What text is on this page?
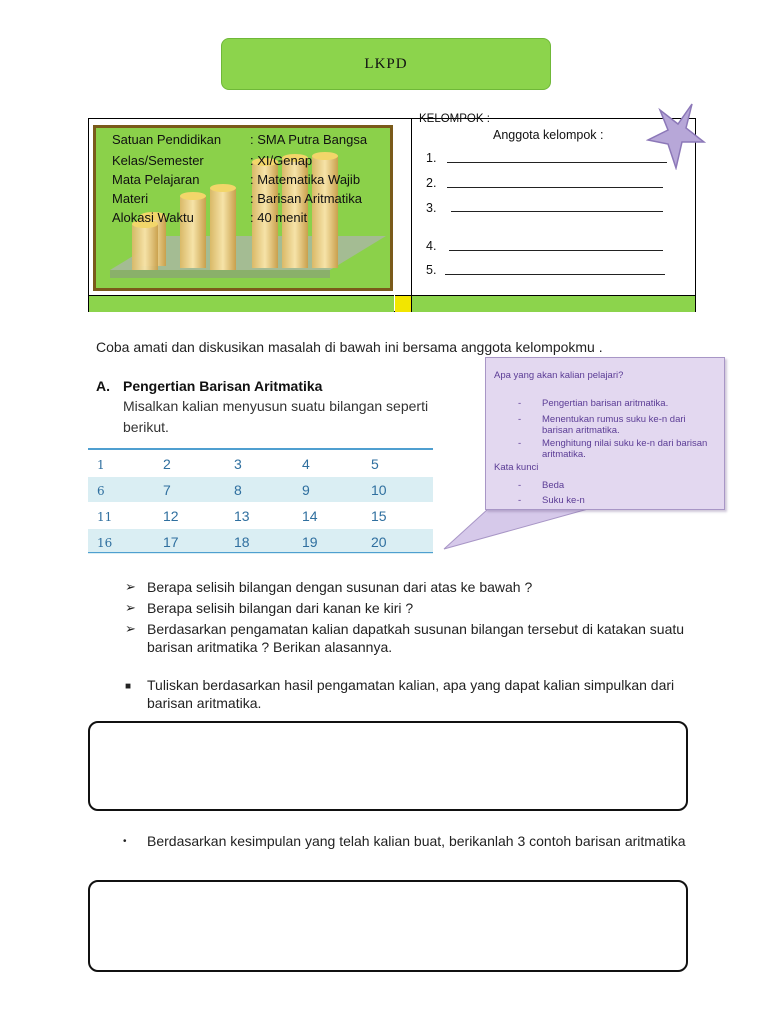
LKPD
Satuan Pendidikan : SMA Putra Bangsa
Kelas/Semester	: XI/Genap
Mata Pelajaran	: Matematika Wajib
Materi	: Barisan Aritmatika
Alokasi Waktu	: 40 menit
KELOMPOK :
Anggota kelompok :
1.
2.
3.
4.
5.
Coba amati dan diskusikan masalah di bawah ini bersama anggota kelompokmu .
A. Pengertian Barisan Aritmatika
Misalkan kalian menyusun suatu bilangan seperti berikut.
1	2	3	4	5
6	7	8	9	10
11	12	13	14	15
16	17	18	19	20
Apa yang akan kalian pelajari?
- Pengertian barisan aritmatika.
- Menentukan rumus suku ke-n dari barisan aritmatika.
- Menghitung nilai suku ke-n dari barisan aritmatika.
Kata kunci
- Beda
- Suku ke-n
➢ Berapa selisih bilangan dengan susunan dari atas ke bawah ?
➢ Berapa selisih bilangan dari kanan ke kiri ?
➢ Berdasarkan pengamatan kalian dapatkah susunan bilangan tersebut di katakan suatu barisan aritmatika ? Berikan alasannya.
■ Tuliskan berdasarkan hasil pengamatan kalian, apa yang dapat kalian simpulkan dari barisan aritmatika.
• Berdasarkan kesimpulan yang telah kalian buat, berikanlah 3 contoh barisan aritmatika
